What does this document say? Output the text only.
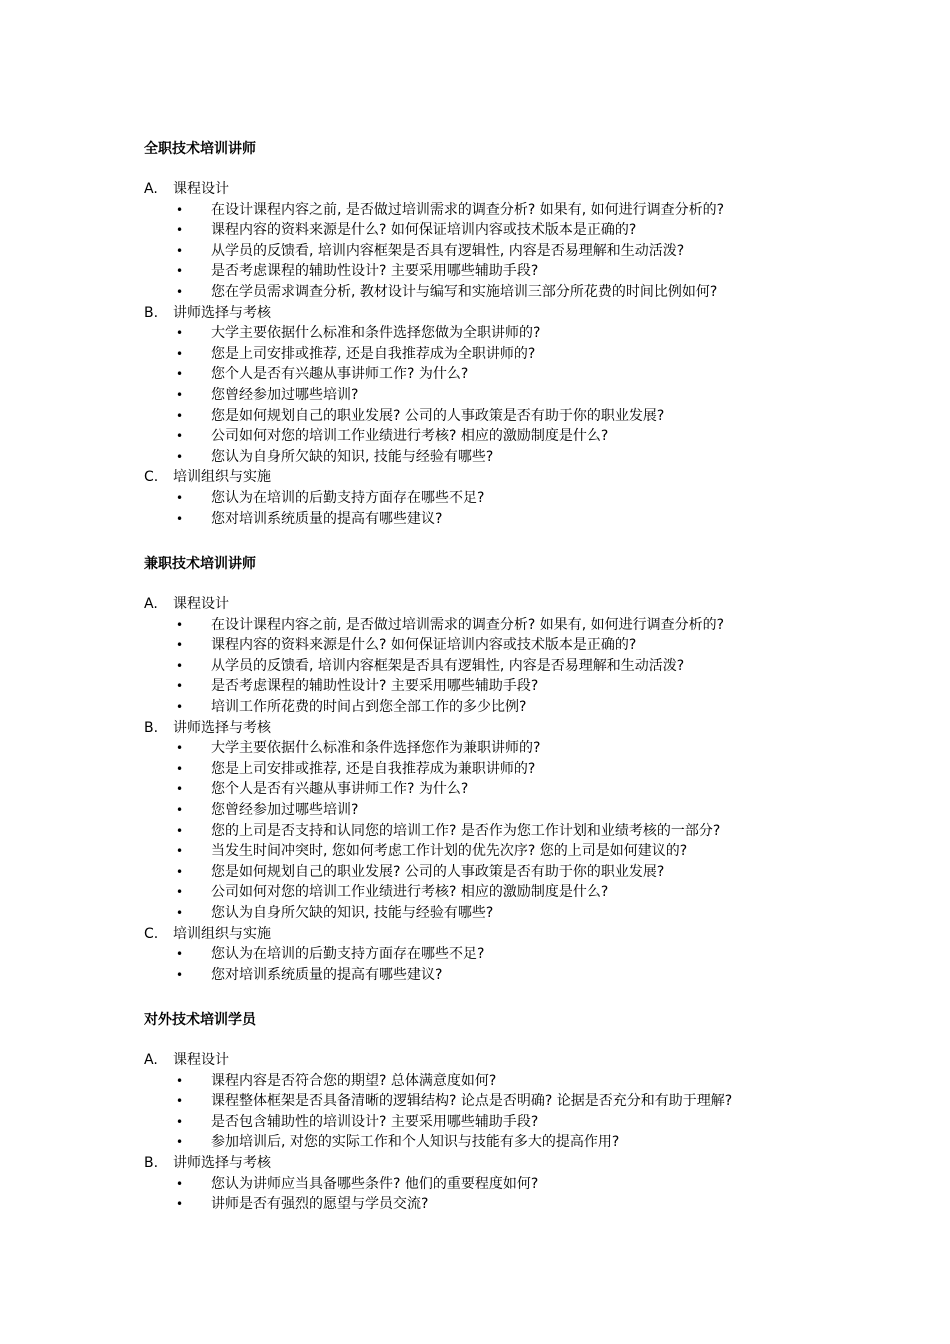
全职技术培训讲师
A. 课程设计
• 在设计课程内容之前, 是否做过培训需求的调查分析? 如果有, 如何进行调查分析的?
• 课程内容的资料来源是什么? 如何保证培训内容或技术版本是正确的?
• 从学员的反馈看, 培训内容框架是否具有逻辑性, 内容是否易理解和生动活泼?
• 是否考虑课程的辅助性设计? 主要采用哪些辅助手段?
• 您在学员需求调查分析, 教材设计与编写和实施培训三部分所花费的时间比例如何?
B. 讲师选择与考核
• 大学主要依据什么标准和条件选择您做为全职讲师的?
• 您是上司安排或推荐, 还是自我推荐成为全职讲师的?
• 您个人是否有兴趣从事讲师工作? 为什么?
• 您曾经参加过哪些培训?
• 您是如何规划自己的职业发展? 公司的人事政策是否有助于你的职业发展?
• 公司如何对您的培训工作业绩进行考核? 相应的激励制度是什么?
• 您认为自身所欠缺的知识, 技能与经验有哪些?
C. 培训组织与实施
• 您认为在培训的后勤支持方面存在哪些不足?
• 您对培训系统质量的提高有哪些建议?
兼职技术培训讲师
A. 课程设计
• 在设计课程内容之前, 是否做过培训需求的调查分析? 如果有, 如何进行调查分析的?
• 课程内容的资料来源是什么? 如何保证培训内容或技术版本是正确的?
• 从学员的反馈看, 培训内容框架是否具有逻辑性, 内容是否易理解和生动活泼?
• 是否考虑课程的辅助性设计? 主要采用哪些辅助手段?
• 培训工作所花费的时间占到您全部工作的多少比例?
B. 讲师选择与考核
• 大学主要依据什么标准和条件选择您作为兼职讲师的?
• 您是上司安排或推荐, 还是自我推荐成为兼职讲师的?
• 您个人是否有兴趣从事讲师工作? 为什么?
• 您曾经参加过哪些培训?
• 您的上司是否支持和认同您的培训工作? 是否作为您工作计划和业绩考核的一部分?
• 当发生时间冲突时, 您如何考虑工作计划的优先次序? 您的上司是如何建议的?
• 您是如何规划自己的职业发展? 公司的人事政策是否有助于你的职业发展?
• 公司如何对您的培训工作业绩进行考核? 相应的激励制度是什么?
• 您认为自身所欠缺的知识, 技能与经验有哪些?
C. 培训组织与实施
• 您认为在培训的后勤支持方面存在哪些不足?
• 您对培训系统质量的提高有哪些建议?
对外技术培训学员
A. 课程设计
• 课程内容是否符合您的期望? 总体满意度如何?
• 课程整体框架是否具备清晰的逻辑结构? 论点是否明确? 论据是否充分和有助于理解?
• 是否包含辅助性的培训设计? 主要采用哪些辅助手段?
• 参加培训后, 对您的实际工作和个人知识与技能有多大的提高作用?
B. 讲师选择与考核
• 您认为讲师应当具备哪些条件? 他们的重要程度如何?
• 讲师是否有强烈的愿望与学员交流?
